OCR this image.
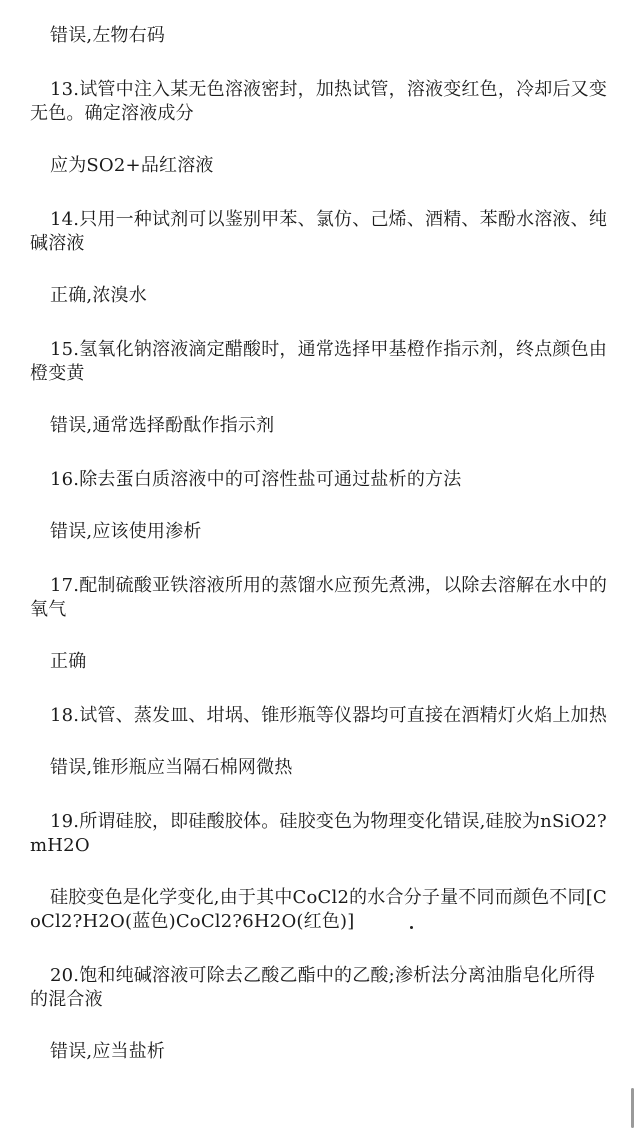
错误,左物右码

13.试管中注入某无色溶液密封，加热试管，溶液变红色，冷却后又变无色。确定溶液成分

应为SO2+品红溶液

14.只用一种试剂可以鉴别甲苯、氯仿、己烯、酒精、苯酚水溶液、纯碱溶液

正确,浓溴水

15.氢氧化钠溶液滴定醋酸时，通常选择甲基橙作指示剂，终点颜色由橙变黄

错误,通常选择酚酞作指示剂

16.除去蛋白质溶液中的可溶性盐可通过盐析的方法

错误,应该使用渗析

17.配制硫酸亚铁溶液所用的蒸馏水应预先煮沸，以除去溶解在水中的氧气

正确

18.试管、蒸发皿、坩埚、锥形瓶等仪器均可直接在酒精灯火焰上加热

错误,锥形瓶应当隔石棉网微热

19.所谓硅胶，即硅酸胶体。硅胶变色为物理变化错误,硅胶为nSiO2?mH2O

硅胶变色是化学变化,由于其中CoCl2的水合分子量不同而颜色不同[CoCl2?H2O(蓝色)CoCl2?6H2O(红色)]

20.饱和纯碱溶液可除去乙酸乙酯中的乙酸;渗析法分离油脂皂化所得的混合液

错误,应当盐析
